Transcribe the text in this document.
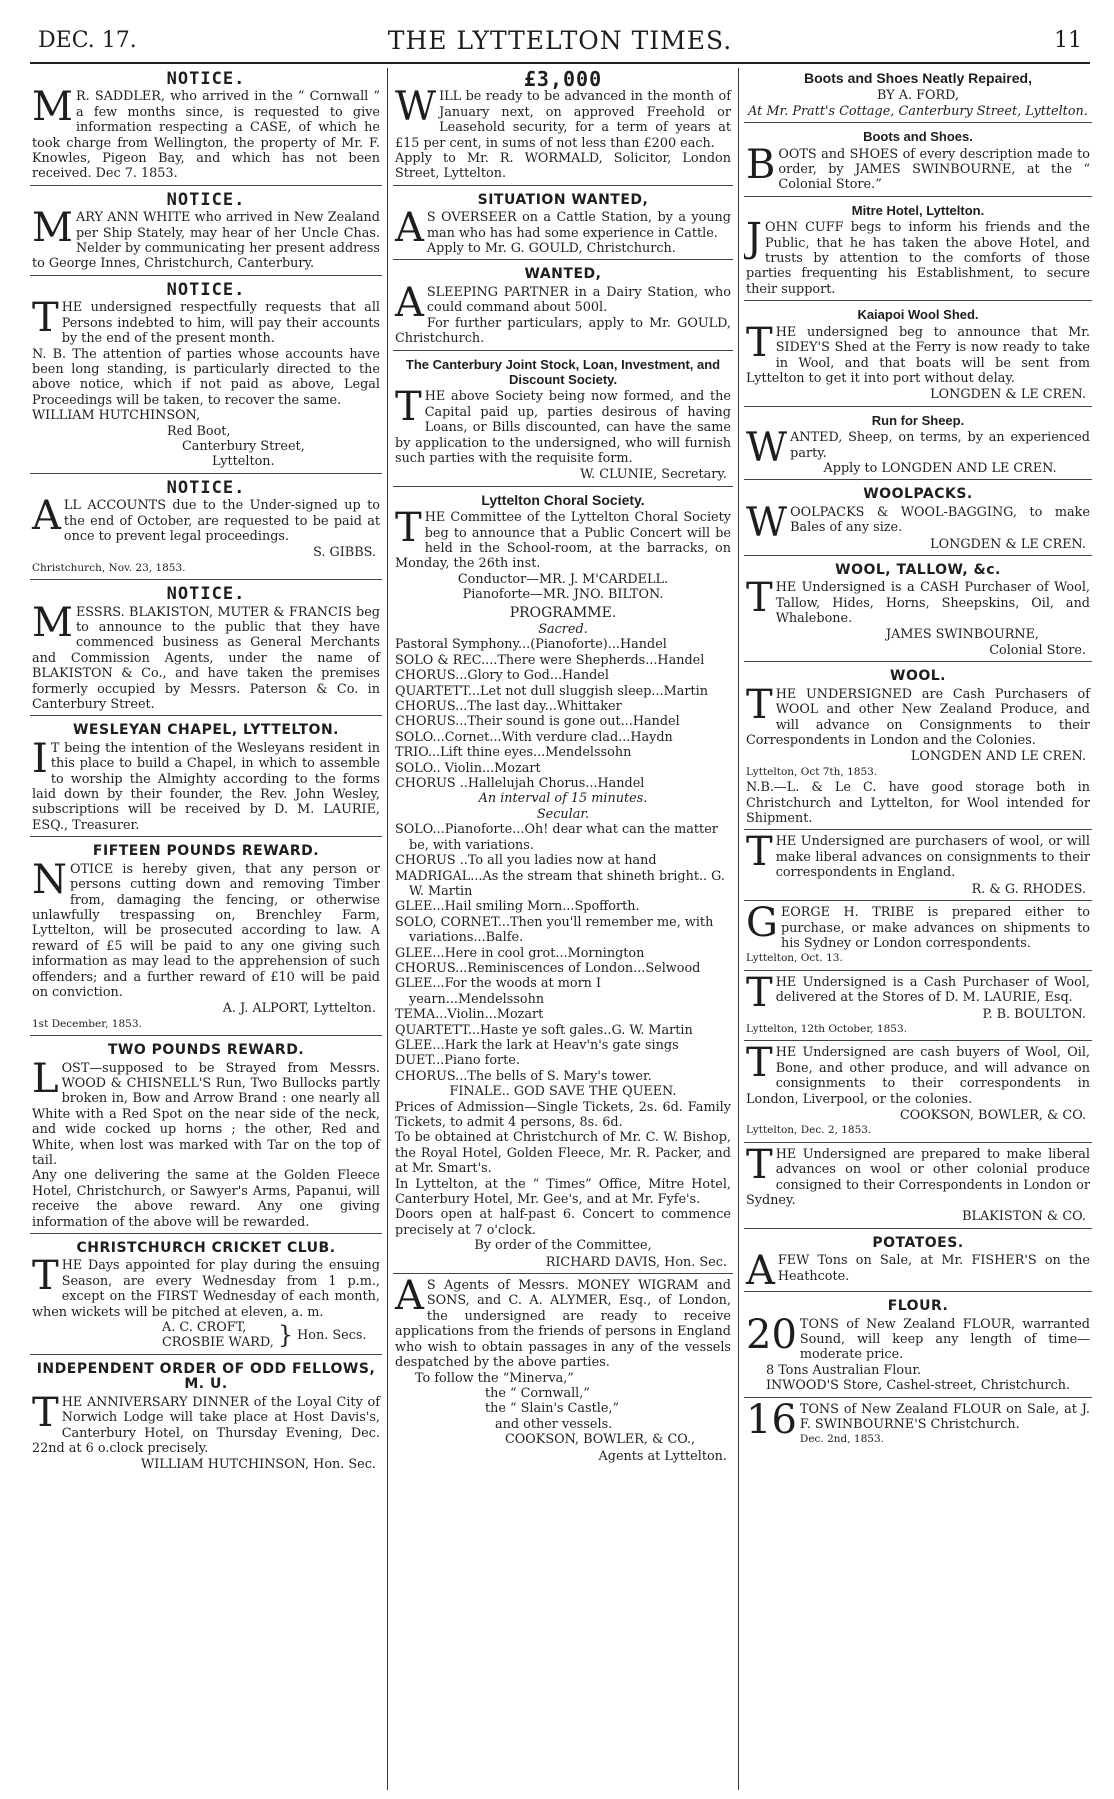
DEC. 17.	THE LYTTELTON TIMES.	11
NOTICE.

M R. SADDLER, who arrived in the “ Cornwall ” a few months since, is requested to give information respecting a CASE, of which he took charge from Wellington, the property of Mr. F. Knowles, Pigeon Bay, and which has not been received. Dec 7. 1853.

NOTICE.

MARY ANN WHITE who arrived in New Zealand per Ship Stately, may hear of her Uncle Chas. Nelder by communicating her present address to George Innes, Christchurch, Canterbury.

NOTICE.

THE undersigned respectfully requests that all Persons indebted to him, will pay their accounts by the end of the present month.

N. B. The attention of parties whose accounts have been long standing, is particularly directed to the above notice, which if not paid as above, Legal Proceedings will be taken, to recover the same.

WILLIAM HUTCHINSON,

Red Boot,

Canterbury Street,

Lyttelton.

NOTICE.

ALL ACCOUNTS due to the Under-signed up to the end of October, are requested to be paid at once to prevent legal proceedings.

S. GIBBS.

Christchurch, Nov. 23, 1853.

NOTICE.

MESSRS. BLAKISTON, MUTER & FRANCIS beg to announce to the public that they have commenced business as General Merchants and Commission Agents, under the name of BLAKISTON & Co., and have taken the premises formerly occupied by Messrs. Paterson & Co. in Canterbury Street.

WESLEYAN CHAPEL, LYTTELTON.

I T being the intention of the Wesleyans resident in this place to build a Chapel, in which to assemble to worship the Almighty according to the forms laid down by their founder, the Rev. John Wesley, subscriptions will be received by D. M. LAURIE, ESQ., Treasurer.

FIFTEEN POUNDS REWARD.

NOTICE is hereby given, that any person or persons cutting down and removing Timber from, damaging the fencing, or otherwise unlawfully trespassing on, Brenchley Farm, Lyttelton, will be prosecuted according to law. A reward of £5 will be paid to any one giving such information as may lead to the apprehension of such offenders; and a further reward of £10 will be paid on conviction.

A. J. ALPORT, Lyttelton.

1st December, 1853.

TWO POUNDS REWARD.

LOST—supposed to be Strayed from Messrs. WOOD & CHISNELL'S Run, Two Bullocks partly broken in, Bow and Arrow Brand : one nearly all White with a Red Spot on the near side of the neck, and wide cocked up horns ; the other, Red and White, when lost was marked with Tar on the top of tail.

Any one delivering the same at the Golden Fleece Hotel, Christchurch, or Sawyer's Arms, Papanui, will receive the above reward. Any one giving information of the above will be rewarded.

CHRISTCHURCH CRICKET CLUB.

THE Days appointed for play during the ensuing Season, are every Wednesday from 1 p.m., except on the FIRST Wednesday of each month, when wickets will be pitched at eleven, a. m.

A. C. CROFT,

CROSBIE WARD, } Hon. Secs.
INDEPENDENT ORDER OF ODD FELLOWS, M. U.

THE ANNIVERSARY DINNER of the Loyal City of Norwich Lodge will take place at Host Davis's, Canterbury Hotel, on Thursday Evening, Dec. 22nd at 6 o.clock precisely.

WILLIAM HUTCHINSON, Hon. Sec.

£3,000

WILL be ready to be advanced in the month of January next, on approved Freehold or Leasehold security, for a term of years at £15 per cent, in sums of not less than £200 each.

Apply to Mr. R. WORMALD, Solicitor, London Street, Lyttelton.

SITUATION WANTED,

A S OVERSEER on a Cattle Station, by a young man who has had some experience in Cattle.

Apply to Mr. G. GOULD, Christchurch.

WANTED,

ASLEEPING PARTNER in a Dairy Station, who could command about 500l.

For further particulars, apply to Mr. GOULD, Christchurch.

The Canterbury Joint Stock, Loan, Investment, and Discount Society.

THE above Society being now formed, and the Capital paid up, parties desirous of having Loans, or Bills discounted, can have the same by application to the undersigned, who will furnish such parties with the requisite form.

W. CLUNIE, Secretary.

Lyttelton Choral Society.

THE Committee of the Lyttelton Choral Society beg to announce that a Public Concert will be held in the School-room, at the barracks, on Monday, the 26th inst.

Conductor—MR. J. M'CARDELL.

Pianoforte—MR. JNO. BILTON.

PROGRAMME.

Sacred.

Pastoral Symphony...(Pianoforte)...Handel

SOLO & REC....There were Shepherds...Handel

CHORUS...Glory to God...Handel

QUARTETT...Let not dull sluggish sleep...Martin

CHORUS...The last day...Whittaker

CHORUS...Their sound is gone out...Handel

SOLO...Cornet...With verdure clad...Haydn

TRIO...Lift thine eyes...Mendelssohn

SOLO.. Violin...Mozart

CHORUS ..Hallelujah Chorus...Handel

An interval of 15 minutes.

Secular.

SOLO...Pianoforte...Oh! dear what can the matter be, with variations.

CHORUS ..To all you ladies now at hand

MADRIGAL...As the stream that shineth bright.. G. W. Martin

GLEE...Hail smiling Morn...Spofforth.

SOLO, CORNET...Then you'll remember me, with variations...Balfe.

GLEE...Here in cool grot...Mornington

CHORUS...Reminiscences of London...Selwood

GLEE...For the woods at morn I yearn...Mendelssohn

TEMA...Violin...Mozart

QUARTETT...Haste ye soft gales..G. W. Martin

GLEE...Hark the lark at Heav'n's gate sings

DUET...Piano forte.

CHORUS...The bells of S. Mary's tower.

FINALE.. GOD SAVE THE QUEEN.

Prices of Admission—Single Tickets, 2s. 6d. Family Tickets, to admit 4 persons, 8s. 6d.

To be obtained at Christchurch of Mr. C. W. Bishop, the Royal Hotel, Golden Fleece, Mr. R. Packer, and at Mr. Smart's.

In Lyttelton, at the “ Times” Office, Mitre Hotel, Canterbury Hotel, Mr. Gee's, and at Mr. Fyfe's.

Doors open at half-past 6. Concert to commence precisely at 7 o'clock.

By order of the Committee,

RICHARD DAVIS, Hon. Sec.

A S Agents of Messrs. MONEY WIGRAM and SONS, and C. A. ALYMER, Esq., of London, the undersigned are ready to receive applications from the friends of persons in England who wish to obtain passages in any of the vessels despatched by the above parties.

To follow the “Minerva,”

the “ Cornwall,”

the “ Slain's Castle,”

and other vessels.

COOKSON, BOWLER, & CO.,

Agents at Lyttelton.

Boots and Shoes Neatly Repaired,

BY A. FORD,

At Mr. Pratt's Cottage, Canterbury Street, Lyttelton.

Boots and Shoes.

BOOTS and SHOES of every description made to order, by JAMES SWINBOURNE, at the “ Colonial Store.”

Mitre Hotel, Lyttelton.

JOHN CUFF begs to inform his friends and the Public, that he has taken the above Hotel, and trusts by attention to the comforts of those parties frequenting his Establishment, to secure their support.

Kaiapoi Wool Shed.

THE undersigned beg to announce that Mr. SIDEY'S Shed at the Ferry is now ready to take in Wool, and that boats will be sent from Lyttelton to get it into port without delay.

LONGDEN & LE CREN.

Run for Sheep.

WANTED, Sheep, on terms, by an experienced party.

Apply to LONGDEN AND LE CREN.

WOOLPACKS.

WOOLPACKS & WOOL-BAGGING, to make Bales of any size.

LONGDEN & LE CREN.

WOOL, TALLOW, &c.

THE Undersigned is a CASH Purchaser of Wool, Tallow, Hides, Horns, Sheepskins, Oil, and Whalebone.

JAMES SWINBOURNE,

Colonial Store.

WOOL.

THE UNDERSIGNED are Cash Purchasers of WOOL and other New Zealand Produce, and will advance on Consignments to their Correspondents in London and the Colonies.

LONGDEN AND LE CREN.

Lyttelton, Oct 7th, 1853.

N.B.—L. & Le C. have good storage both in Christchurch and Lyttelton, for Wool intended for Shipment.

THE Undersigned are purchasers of wool, or will make liberal advances on consignments to their correspondents in England.

R. & G. RHODES.

GEORGE H. TRIBE is prepared either to purchase, or make advances on shipments to his Sydney or London correspondents.

Lyttelton, Oct. 13.

THE Undersigned is a Cash Purchaser of Wool, delivered at the Stores of D. M. LAURIE, Esq.

P. B. BOULTON.

Lyttelton, 12th October, 1853.

THE Undersigned are cash buyers of Wool, Oil, Bone, and other produce, and will advance on consignments to their correspondents in London, Liverpool, or the colonies.

COOKSON, BOWLER, & CO.

Lyttelton, Dec. 2, 1853.

THE Undersigned are prepared to make liberal advances on wool or other colonial produce consigned to their Correspondents in London or Sydney.

BLAKISTON & CO.

POTATOES.

AFEW Tons on Sale, at Mr. FISHER'S on the Heathcote.

FLOUR.

20 TONS of New Zealand FLOUR, warranted Sound, will keep any length of time—moderate price.

8 Tons Australian Flour.

INWOOD'S Store, Cashel-street, Christchurch.

16 TONS of New Zealand FLOUR on Sale, at J. F. SWINBOURNE'S Christchurch.

Dec. 2nd, 1853.
